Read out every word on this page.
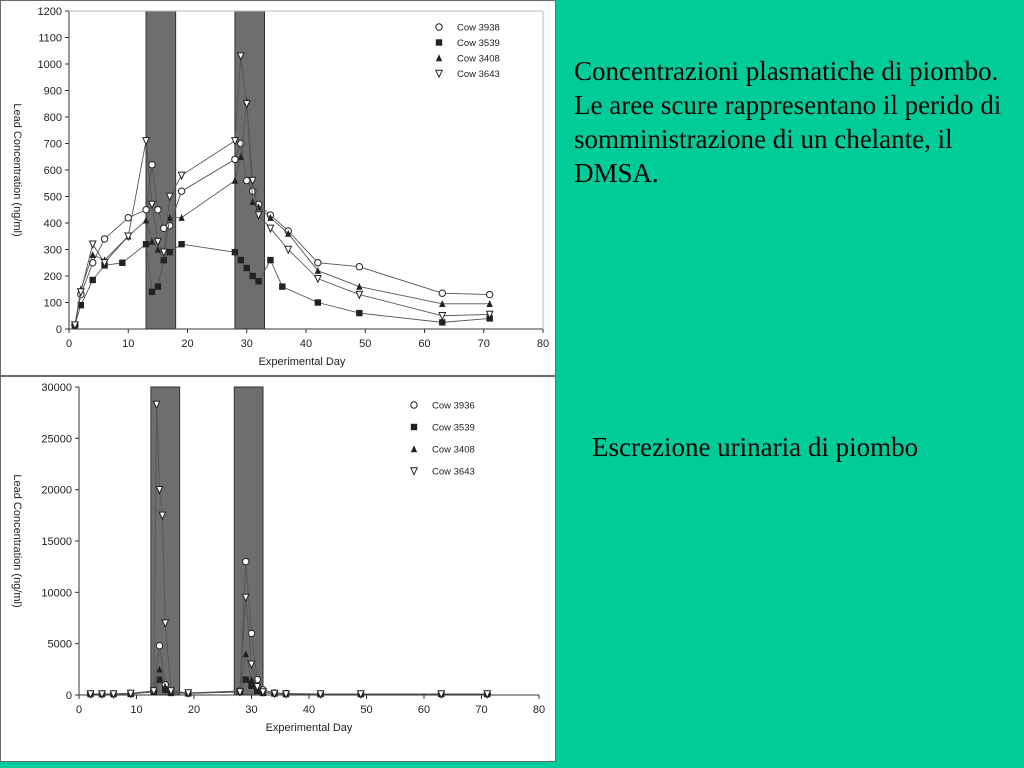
0
100
200
300
400
500
600
700
800
900
1000
1100
1200
0	10	20	30	40	50	60	70	80
Experimental Day
Lead Concentration (ng/ml)
Cow 3938
Cow 3539
Cow 3408
Cow 3643
0
5000
10000
15000
20000
25000
30000
0	10	20	30	40	50	60	70	80
Experimental Day
Lead Concentration (ng/ml)
Cow 3936
Cow 3539
Cow 3408
Cow 3643
Concentrazioni plasmatiche di piombo. Le aree scure rappresentano il perido di somministrazione di un chelante, il DMSA.
Escrezione urinaria di piombo
